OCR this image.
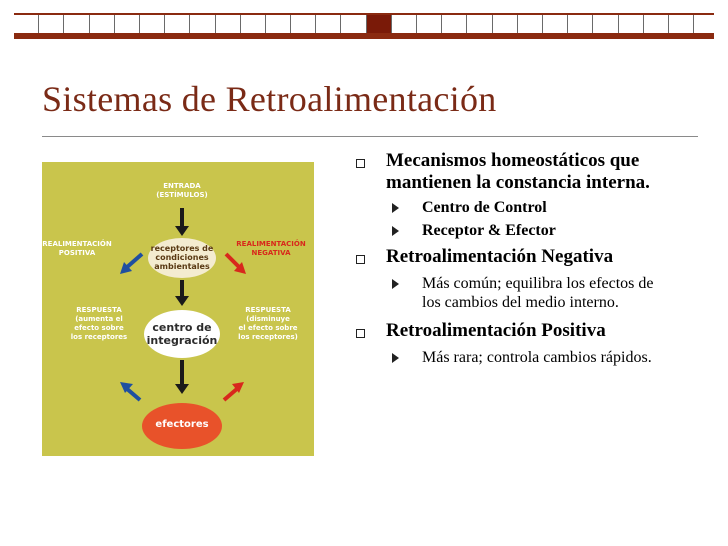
Sistemas de Retroalimentación
ENTRADA
(ESTÍMULOS)
REALIMENTACIÓN
POSITIVA
REALIMENTACIÓN
NEGATIVA
receptores de
condiciones
ambientales
RESPUESTA
(aumenta el
efecto sobre
los receptores
RESPUESTA
(disminuye
el efecto sobre
los receptores)
centro de
integración
efectores
Mecanismos homeostáticos que mantienen la constancia interna.
Centro de Control
Receptor & Efector
Retroalimentación Negativa
Más común; equilibra los efectos de los cambios del medio interno.
Retroalimentación Positiva
Más rara; controla cambios rápidos.
